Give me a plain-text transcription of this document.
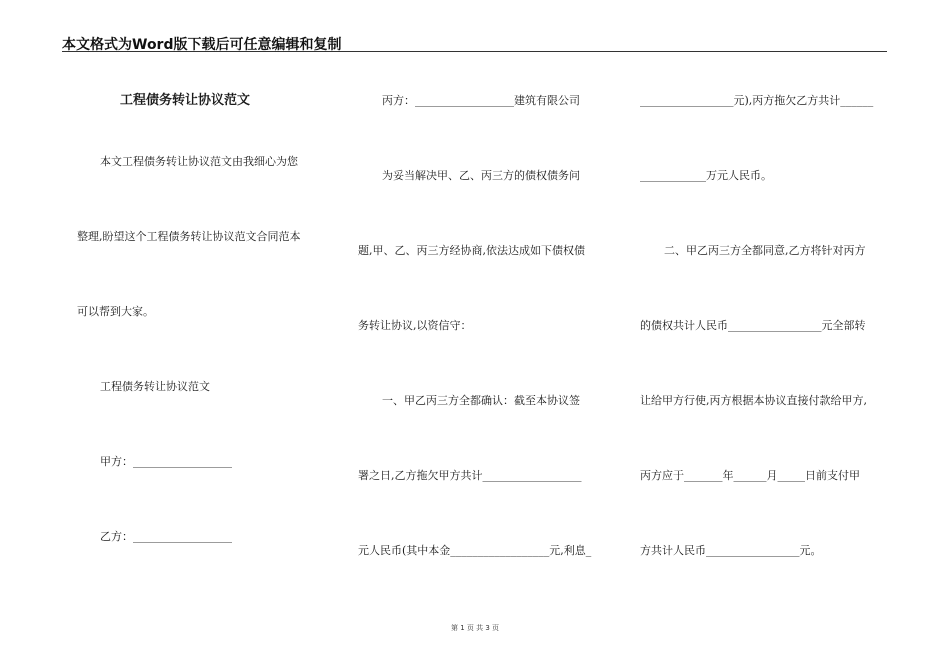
本文格式为Word版下载后可任意编辑和复制
工程债务转让协议范文
本文工程债务转让协议范文由我细心为您
整理,盼望这个工程债务转让协议范文合同范本
可以帮到大家。
工程债务转让协议范文
甲方：__________________
乙方：__________________
丙方：__________________建筑有限公司
为妥当解决甲、乙、丙三方的债权债务问
题,甲、乙、丙三方经协商,依法达成如下债权债
务转让协议,以资信守：
一、甲乙丙三方全都确认：截至本协议签
署之日,乙方拖欠甲方共计__________________
元人民币(其中本金__________________元,利息_
_________________元),丙方拖欠乙方共计______
____________万元人民币。
二、甲乙丙三方全都同意,乙方将针对丙方
的债权共计人民币_________________元全部转
让给甲方行使,丙方根据本协议直接付款给甲方,
丙方应于_______年______月_____日前支付甲
方共计人民币_________________元。
第 1 页 共 3 页
